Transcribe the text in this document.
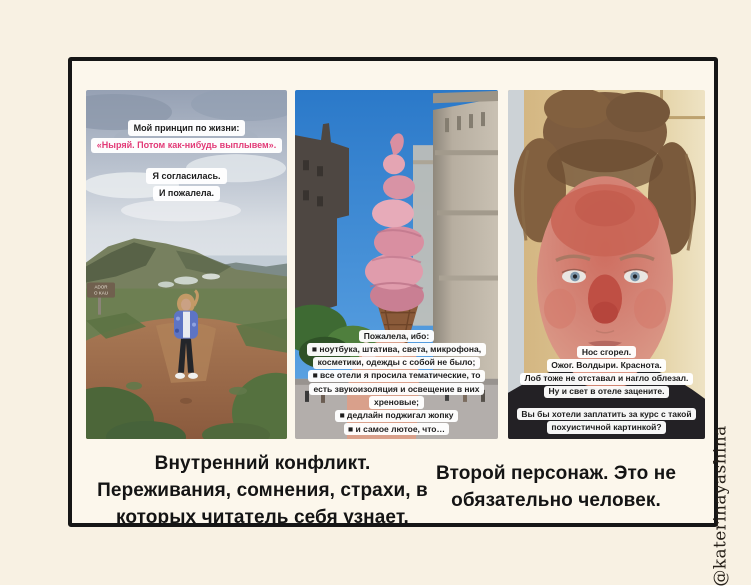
ADOR
O KAU
Мой принцип по жизни:
«Ныряй. Потом как-нибудь выплывем».
Я согласилась.
И пожалела.
Пожалела, ибо:
■ ноутбука, штатива, света, микрофона,
косметики, одежды с собой не было;
■ все отели я просила тематические, то
есть звукоизоляция и освещение в них
хреновые;
■ дедлайн поджигал жопку
■ и самое лютое, что…
Нос сгорел.
Ожог. Волдыри. Краснота.
Лоб тоже не отставал и нагло облезал.
Ну и свет в отеле зацените.
Вы бы хотели заплатить за курс с такой
похуистичной картинкой?
Внутренний конфликт.
Переживания, сомнения, страхи, в
которых читатель себя узнает.
Второй персонаж. Это не
обязательно человек.	@katerinayashina
